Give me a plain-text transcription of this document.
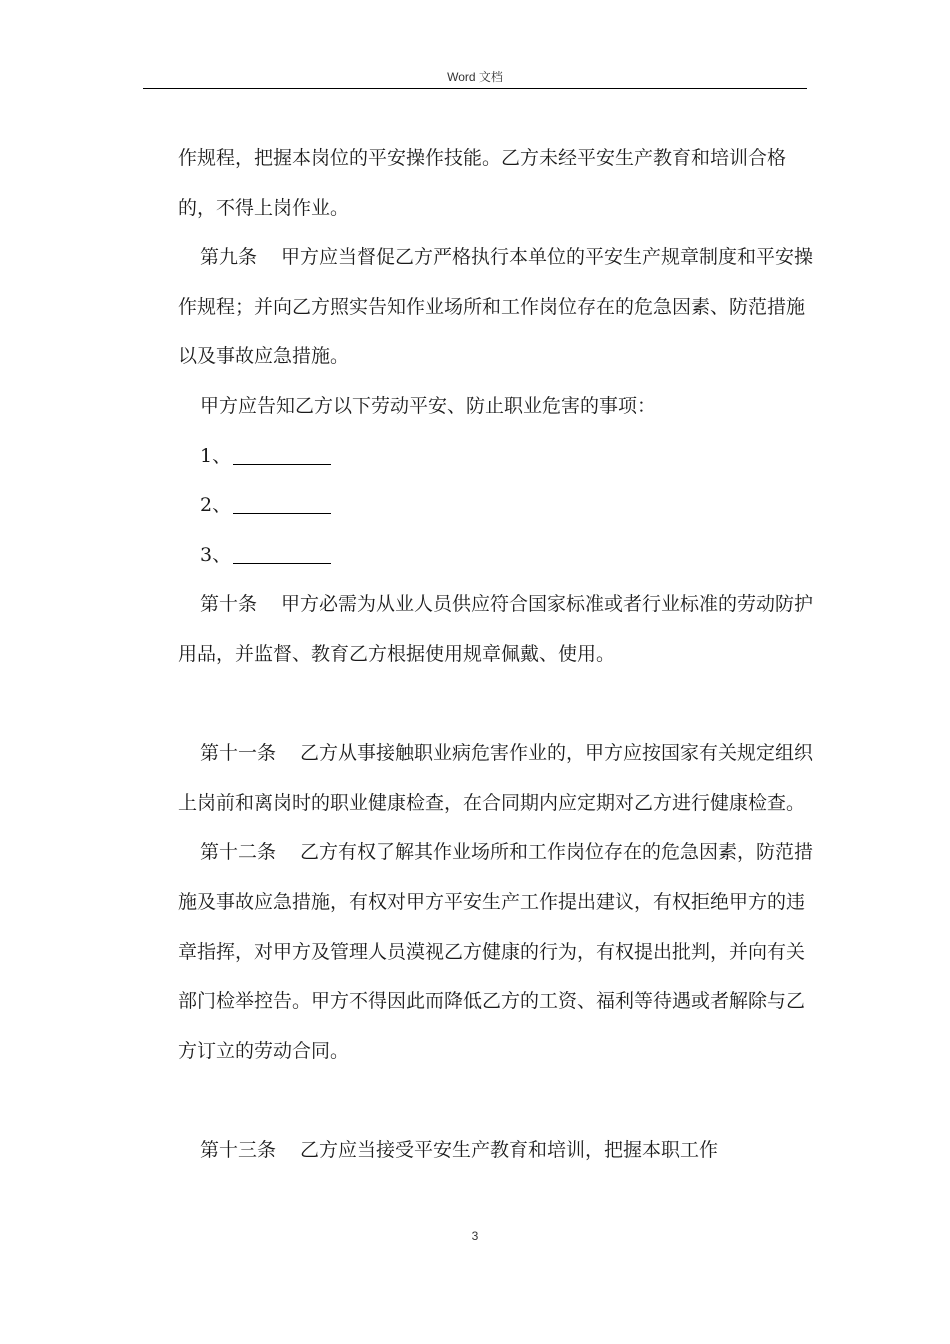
Word 文档

作规程，把握本岗位的平安操作技能。乙方未经平安生产教育和培训合格的，不得上岗作业。

第九条 甲方应当督促乙方严格执行本单位的平安生产规章制度和平安操作规程；并向乙方照实告知作业场所和工作岗位存在的危急因素、防范措施以及事故应急措施。

甲方应告知乙方以下劳动平安、防止职业危害的事项：

1、

2、

3、

第十条 甲方必需为从业人员供应符合国家标准或者行业标准的劳动防护用品，并监督、教育乙方根据使用规章佩戴、使用。

第十一条 乙方从事接触职业病危害作业的，甲方应按国家有关规定组织上岗前和离岗时的职业健康检查，在合同期内应定期对乙方进行健康检查。

第十二条 乙方有权了解其作业场所和工作岗位存在的危急因素，防范措施及事故应急措施，有权对甲方平安生产工作提出建议，有权拒绝甲方的违章指挥，对甲方及管理人员漠视乙方健康的行为，有权提出批判，并向有关部门检举控告。甲方不得因此而降低乙方的工资、福利等待遇或者解除与乙方订立的劳动合同。

第十三条 乙方应当接受平安生产教育和培训，把握本职工作

3
